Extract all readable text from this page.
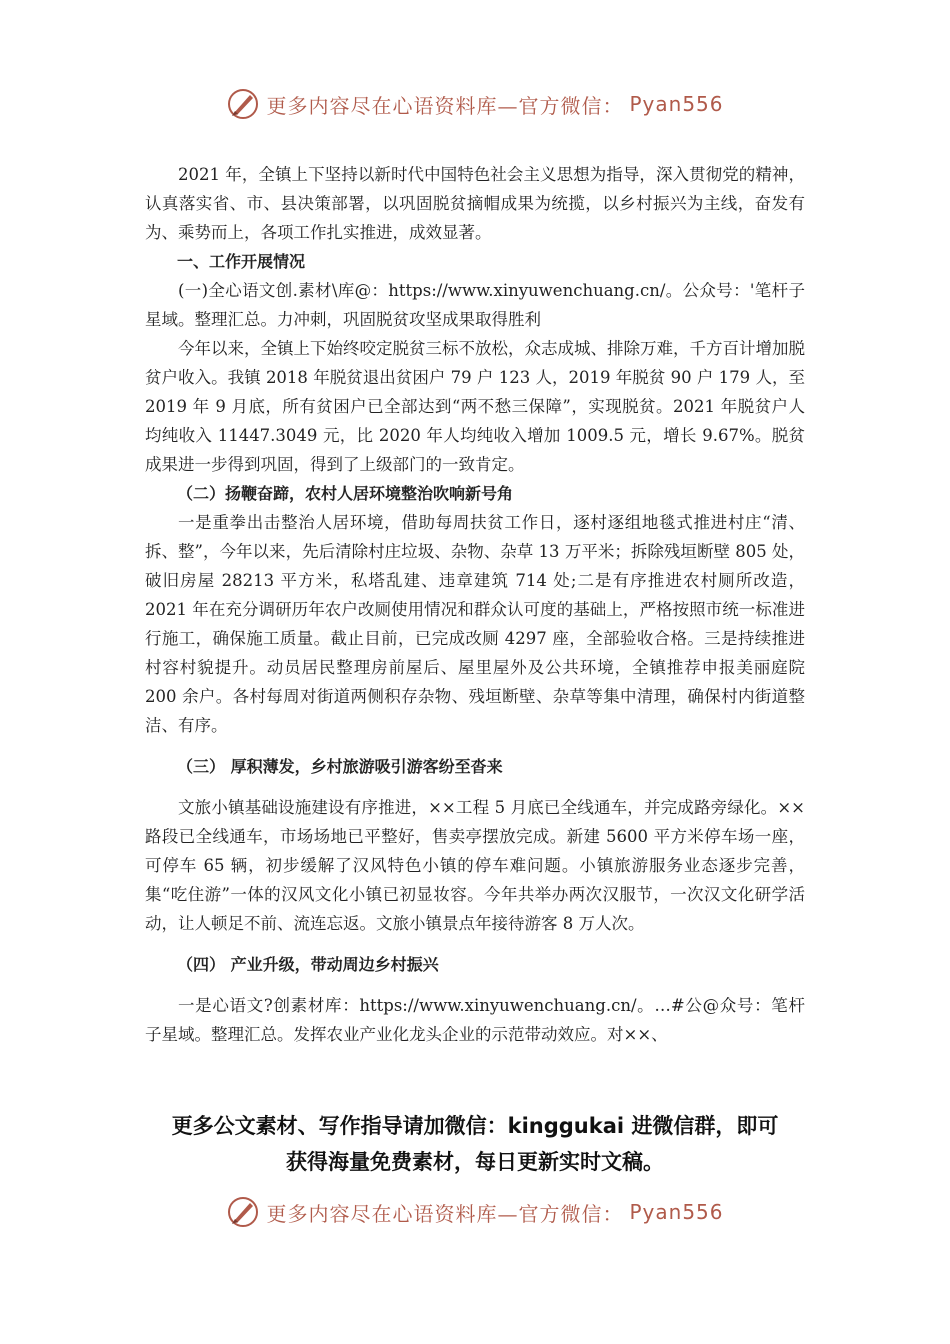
更多内容尽在心语资料库—官方微信： Pyan556

2021 年，全镇上下坚持以新时代中国特色社会主义思想为指导，深入贯彻党的精神，认真落实省、市、县决策部署，以巩固脱贫摘帽成果为统揽，以乡村振兴为主线，奋发有为、乘势而上，各项工作扎实推进，成效显著。

一、工作开展情况

(一)全心语文创.素材\库@：https://www.xinyuwenchuang.cn/。公众号：'笔杆子星域。整理汇总。力冲刺，巩固脱贫攻坚成果取得胜利

今年以来，全镇上下始终咬定脱贫三标不放松，众志成城、排除万难，千方百计增加脱贫户收入。我镇 2018 年脱贫退出贫困户 79 户 123 人，2019 年脱贫 90 户 179 人，至 2019 年 9 月底，所有贫困户已全部达到“两不愁三保障”，实现脱贫。2021 年脱贫户人均纯收入 11447.3049 元，比 2020 年人均纯收入增加 1009.5 元，增长 9.67%。脱贫成果进一步得到巩固，得到了上级部门的一致肯定。

（二）扬鞭奋蹄，农村人居环境整治吹响新号角

一是重拳出击整治人居环境，借助每周扶贫工作日，逐村逐组地毯式推进村庄“清、拆、整”，今年以来，先后清除村庄垃圾、杂物、杂草 13 万平米；拆除残垣断壁 805 处，破旧房屋 28213 平方米，私塔乱建、违章建筑 714 处;二是有序推进农村厕所改造，2021 年在充分调研历年农户改厕使用情况和群众认可度的基础上，严格按照市统一标准进行施工，确保施工质量。截止目前，已完成改厕 4297 座，全部验收合格。三是持续推进村容村貌提升。动员居民整理房前屋后、屋里屋外及公共环境，全镇推荐申报美丽庭院 200 余户。各村每周对街道两侧积存杂物、残垣断壁、杂草等集中清理，确保村内街道整洁、有序。

（三） 厚积薄发，乡村旅游吸引游客纷至沓来

文旅小镇基础设施建设有序推进，××工程 5 月底已全线通车，并完成路旁绿化。××路段已全线通车，市场场地已平整好，售卖亭摆放完成。新建 5600 平方米停车场一座，可停车 65 辆，初步缓解了汉风特色小镇的停车难问题。小镇旅游服务业态逐步完善，集“吃住游”一体的汉风文化小镇已初显妆容。今年共举办两次汉服节，一次汉文化研学活动，让人顿足不前、流连忘返。文旅小镇景点年接待游客 8 万人次。

（四） 产业升级，带动周边乡村振兴

一是心语文?创素材库：https://www.xinyuwenchuang.cn/。…#公@众号：笔杆子星域。整理汇总。发挥农业产业化龙头企业的示范带动效应。对××、

更多公文素材、写作指导请加微信：kinggukai 进微信群，即可
获得海量免费素材，每日更新实时文稿。
更多内容尽在心语资料库—官方微信： Pyan556
